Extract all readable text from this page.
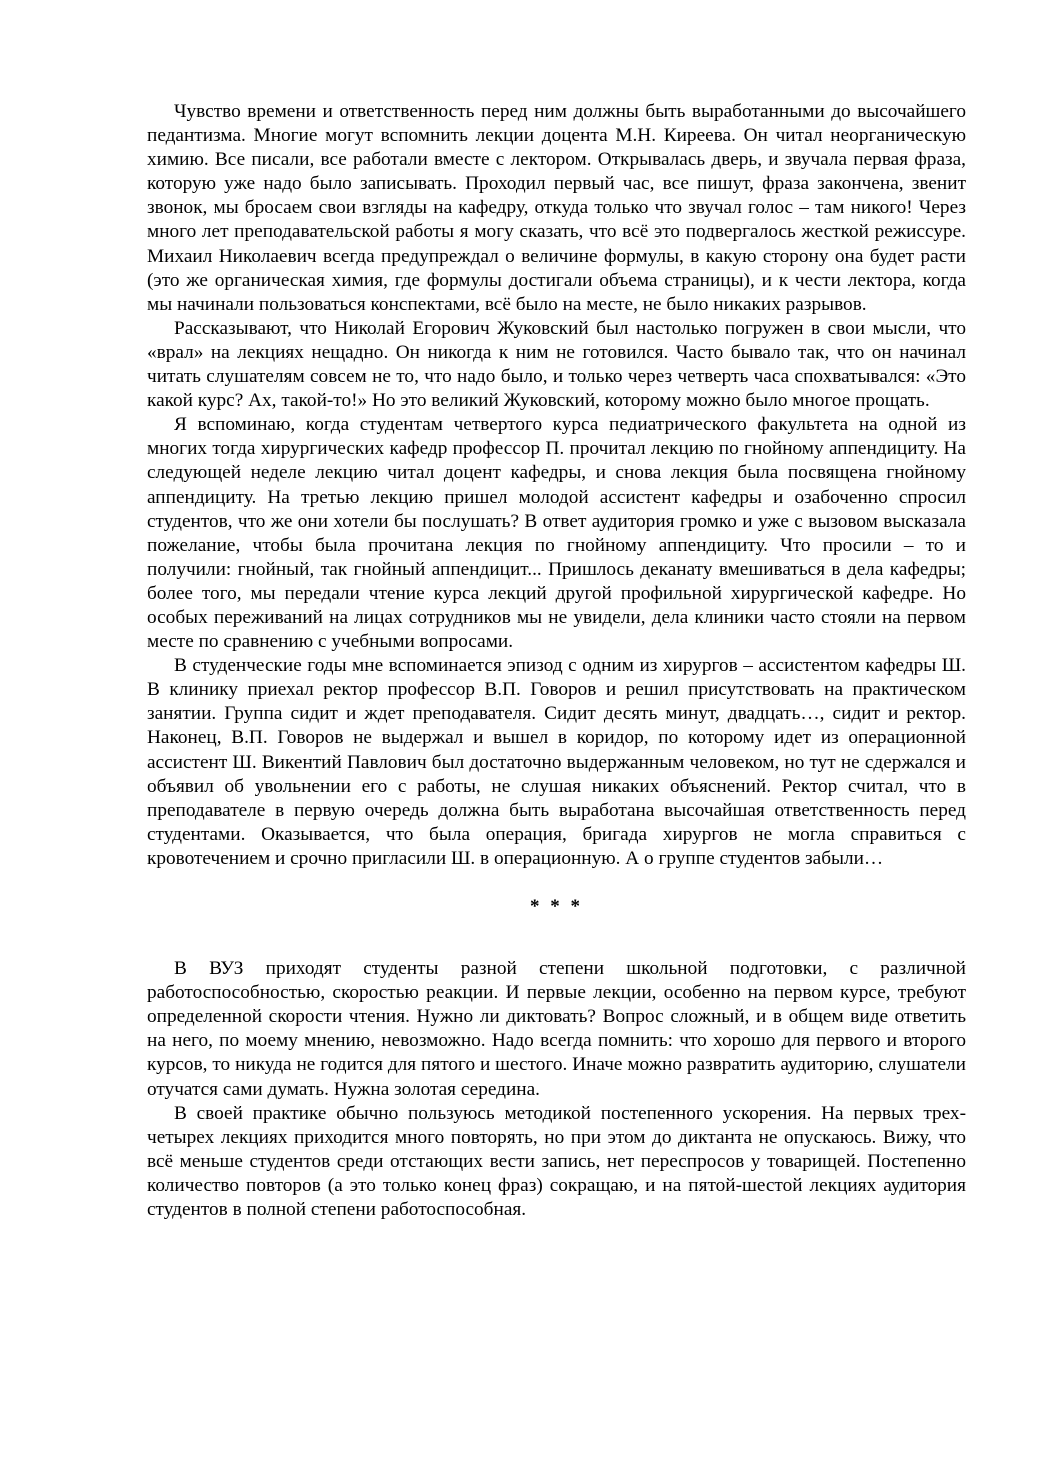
Чувство времени и ответственность перед ним должны быть выработанными до высочайшего педантизма. Многие могут вспомнить лекции доцента М.Н. Киреева. Он читал неорганическую химию. Все писали, все работали вместе с лектором. Открывалась дверь, и звучала первая фраза, которую уже надо было записывать. Проходил первый час, все пишут, фраза закончена, звенит звонок, мы бросаем свои взгляды на кафедру, откуда только что звучал голос – там никого! Через много лет преподавательской работы я могу сказать, что всё это подвергалось жесткой режиссуре. Михаил Николаевич всегда предупреждал о величине формулы, в какую сторону она будет расти (это же органическая химия, где формулы достигали объема страницы), и к чести лектора, когда мы начинали пользоваться конспектами, всё было на месте, не было никаких разрывов.

Рассказывают, что Николай Егорович Жуковский был настолько погружен в свои мысли, что «врал» на лекциях нещадно. Он никогда к ним не готовился. Часто бывало так, что он начинал читать слушателям совсем не то, что надо было, и только через четверть часа спохватывался: «Это какой курс? Ах, такой-то!» Но это великий Жуковский, которому можно было многое прощать.

Я вспоминаю, когда студентам четвертого курса педиатрического факультета на одной из многих тогда хирургических кафедр профессор П. прочитал лекцию по гнойному аппендициту. На следующей неделе лекцию читал доцент кафедры, и снова лекция была посвящена гнойному аппендициту. На третью лекцию пришел молодой ассистент кафедры и озабоченно спросил студентов, что же они хотели бы послушать? В ответ аудитория громко и уже с вызовом высказала пожелание, чтобы была прочитана лекция по гнойному аппендициту. Что просили – то и получили: гнойный, так гнойный аппендицит... Пришлось деканату вмешиваться в дела кафедры; более того, мы передали чтение курса лекций другой профильной хирургической кафедре. Но особых переживаний на лицах сотрудников мы не увидели, дела клиники часто стояли на первом месте по сравнению с учебными вопросами.

В студенческие годы мне вспоминается эпизод с одним из хирургов – ассистентом кафедры Ш. В клинику приехал ректор профессор В.П. Говоров и решил присутствовать на практическом занятии. Группа сидит и ждет преподавателя. Сидит десять минут, двадцать…, сидит и ректор. Наконец, В.П. Говоров не выдержал и вышел в коридор, по которому идет из операционной ассистент Ш. Викентий Павлович был достаточно выдержанным человеком, но тут не сдержался и объявил об увольнении его с работы, не слушая никаких объяснений. Ректор считал, что в преподавателе в первую очередь должна быть выработана высочайшая ответственность перед студентами. Оказывается, что была операция, бригада хирургов не могла справиться с кровотечением и срочно пригласили Ш. в операционную. А о группе студентов забыли…

* * *

В ВУЗ приходят студенты разной степени школьной подготовки, с различной работоспособностью, скоростью реакции. И первые лекции, особенно на первом курсе, требуют определенной скорости чтения. Нужно ли диктовать? Вопрос сложный, и в общем виде ответить на него, по моему мнению, невозможно. Надо всегда помнить: что хорошо для первого и второго курсов, то никуда не годится для пятого и шестого. Иначе можно развратить аудиторию, слушатели отучатся сами думать. Нужна золотая середина.

В своей практике обычно пользуюсь методикой постепенного ускорения. На первых трех-четырех лекциях приходится много повторять, но при этом до диктанта не опускаюсь. Вижу, что всё меньше студентов среди отстающих вести запись, нет переспросов у товарищей. Постепенно количество повторов (а это только конец фраз) сокращаю, и на пятой-шестой лекциях аудитория студентов в полной степени работоспособная.
